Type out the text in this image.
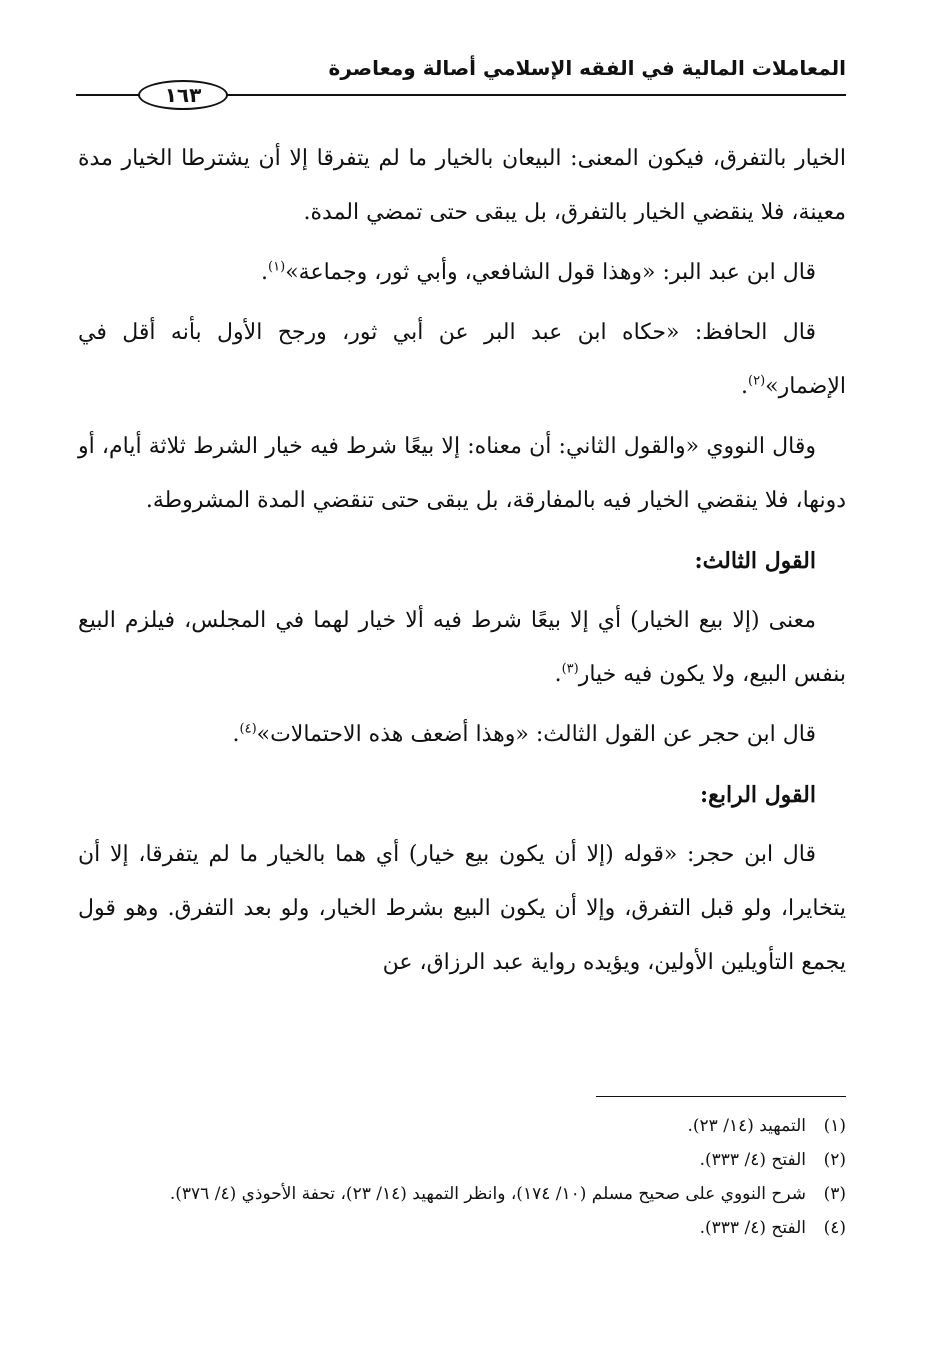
المعاملات المالية في الفقه الإسلامي أصالة ومعاصرة
١٦٣

الخيار بالتفرق، فيكون المعنى: البيعان بالخيار ما لم يتفرقا إلا أن يشترطا الخيار مدة معينة، فلا ينقضي الخيار بالتفرق، بل يبقى حتى تمضي المدة.

قال ابن عبد البر: «وهذا قول الشافعي، وأبي ثور، وجماعة»$^{(١)}$.

قال الحافظ: «حكاه ابن عبد البر عن أبي ثور، ورجح الأول بأنه أقل في الإضمار»$^{(٢)}$.

وقال النووي «والقول الثاني: أن معناه: إلا بيعًا شرط فيه خيار الشرط ثلاثة أيام، أو دونها، فلا ينقضي الخيار فيه بالمفارقة، بل يبقى حتى تنقضي المدة المشروطة.

القول الثالث:

معنى (إلا بيع الخيار) أي إلا بيعًا شرط فيه ألا خيار لهما في المجلس، فيلزم البيع بنفس البيع، ولا يكون فيه خيار$^{(٣)}$.

قال ابن حجر عن القول الثالث: «وهذا أضعف هذه الاحتمالات»$^{(٤)}$.

القول الرابع:

قال ابن حجر: «قوله (إلا أن يكون بيع خيار) أي هما بالخيار ما لم يتفرقا، إلا أن يتخايرا، ولو قبل التفرق، وإلا أن يكون البيع بشرط الخيار، ولو بعد التفرق. وهو قول يجمع التأويلين الأولين، ويؤيده رواية عبد الرزاق، عن

(١)
التمهيد (١٤/ ٢٣).
(٢)
الفتح (٤/ ٣٣٣).
(٣)
شرح النووي على صحيح مسلم (١٠/ ١٧٤)، وانظر التمهيد (١٤/ ٢٣)، تحفة الأحوذي (٤/ ٣٧٦).
(٤)
الفتح (٤/ ٣٣٣).
